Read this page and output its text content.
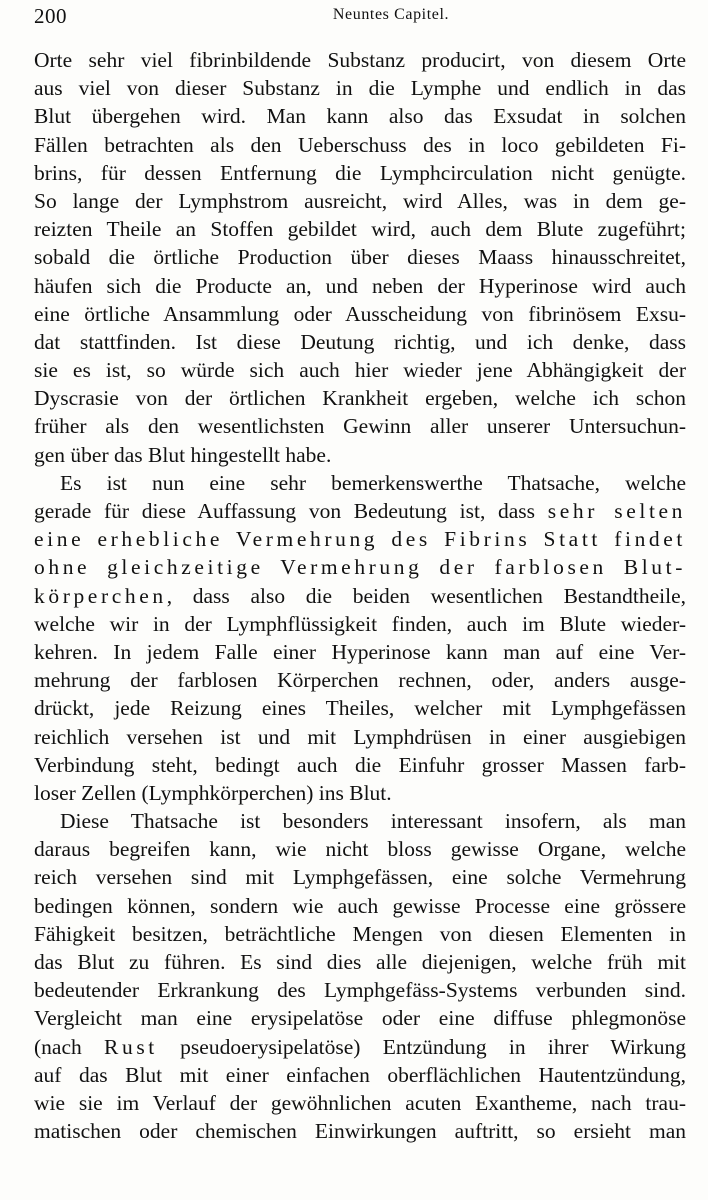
200	Neuntes Capitel.
Orte sehr viel fibrinbildende Substanz producirt, von diesem Orte
aus viel von dieser Substanz in die Lymphe und endlich in das
Blut übergehen wird. Man kann also das Exsudat in solchen
Fällen betrachten als den Ueberschuss des in loco gebildeten Fi-
brins, für dessen Entfernung die Lymphcirculation nicht genügte.
So lange der Lymphstrom ausreicht, wird Alles, was in dem ge-
reizten Theile an Stoffen gebildet wird, auch dem Blute zugeführt;
sobald die örtliche Production über dieses Maass hinausschreitet,
häufen sich die Producte an, und neben der Hyperinose wird auch
eine örtliche Ansammlung oder Ausscheidung von fibrinösem Exsu-
dat stattfinden. Ist diese Deutung richtig, und ich denke, dass
sie es ist, so würde sich auch hier wieder jene Abhängigkeit der
Dyscrasie von der örtlichen Krankheit ergeben, welche ich schon
früher als den wesentlichsten Gewinn aller unserer Untersuchun-
gen über das Blut hingestellt habe.
Es ist nun eine sehr bemerkenswerthe Thatsache, welche
gerade für diese Auffassung von Bedeutung ist, dass sehr selten
eine erhebliche Vermehrung des Fibrins Statt findet
ohne gleichzeitige Vermehrung der farblosen Blut-
körperchen, dass also die beiden wesentlichen Bestandtheile,
welche wir in der Lymphflüssigkeit finden, auch im Blute wieder-
kehren. In jedem Falle einer Hyperinose kann man auf eine Ver-
mehrung der farblosen Körperchen rechnen, oder, anders ausge-
drückt, jede Reizung eines Theiles, welcher mit Lymphgefässen
reichlich versehen ist und mit Lymphdrüsen in einer ausgiebigen
Verbindung steht, bedingt auch die Einfuhr grosser Massen farb-
loser Zellen (Lymphkörperchen) ins Blut.
Diese Thatsache ist besonders interessant insofern, als man
daraus begreifen kann, wie nicht bloss gewisse Organe, welche
reich versehen sind mit Lymphgefässen, eine solche Vermehrung
bedingen können, sondern wie auch gewisse Processe eine grössere
Fähigkeit besitzen, beträchtliche Mengen von diesen Elementen in
das Blut zu führen. Es sind dies alle diejenigen, welche früh mit
bedeutender Erkrankung des Lymphgefäss-Systems verbunden sind.
Vergleicht man eine erysipelatöse oder eine diffuse phlegmonöse
(nach Rust pseudoerysipelatöse) Entzündung in ihrer Wirkung
auf das Blut mit einer einfachen oberflächlichen Hautentzündung,
wie sie im Verlauf der gewöhnlichen acuten Exantheme, nach trau-
matischen oder chemischen Einwirkungen auftritt, so ersieht man
